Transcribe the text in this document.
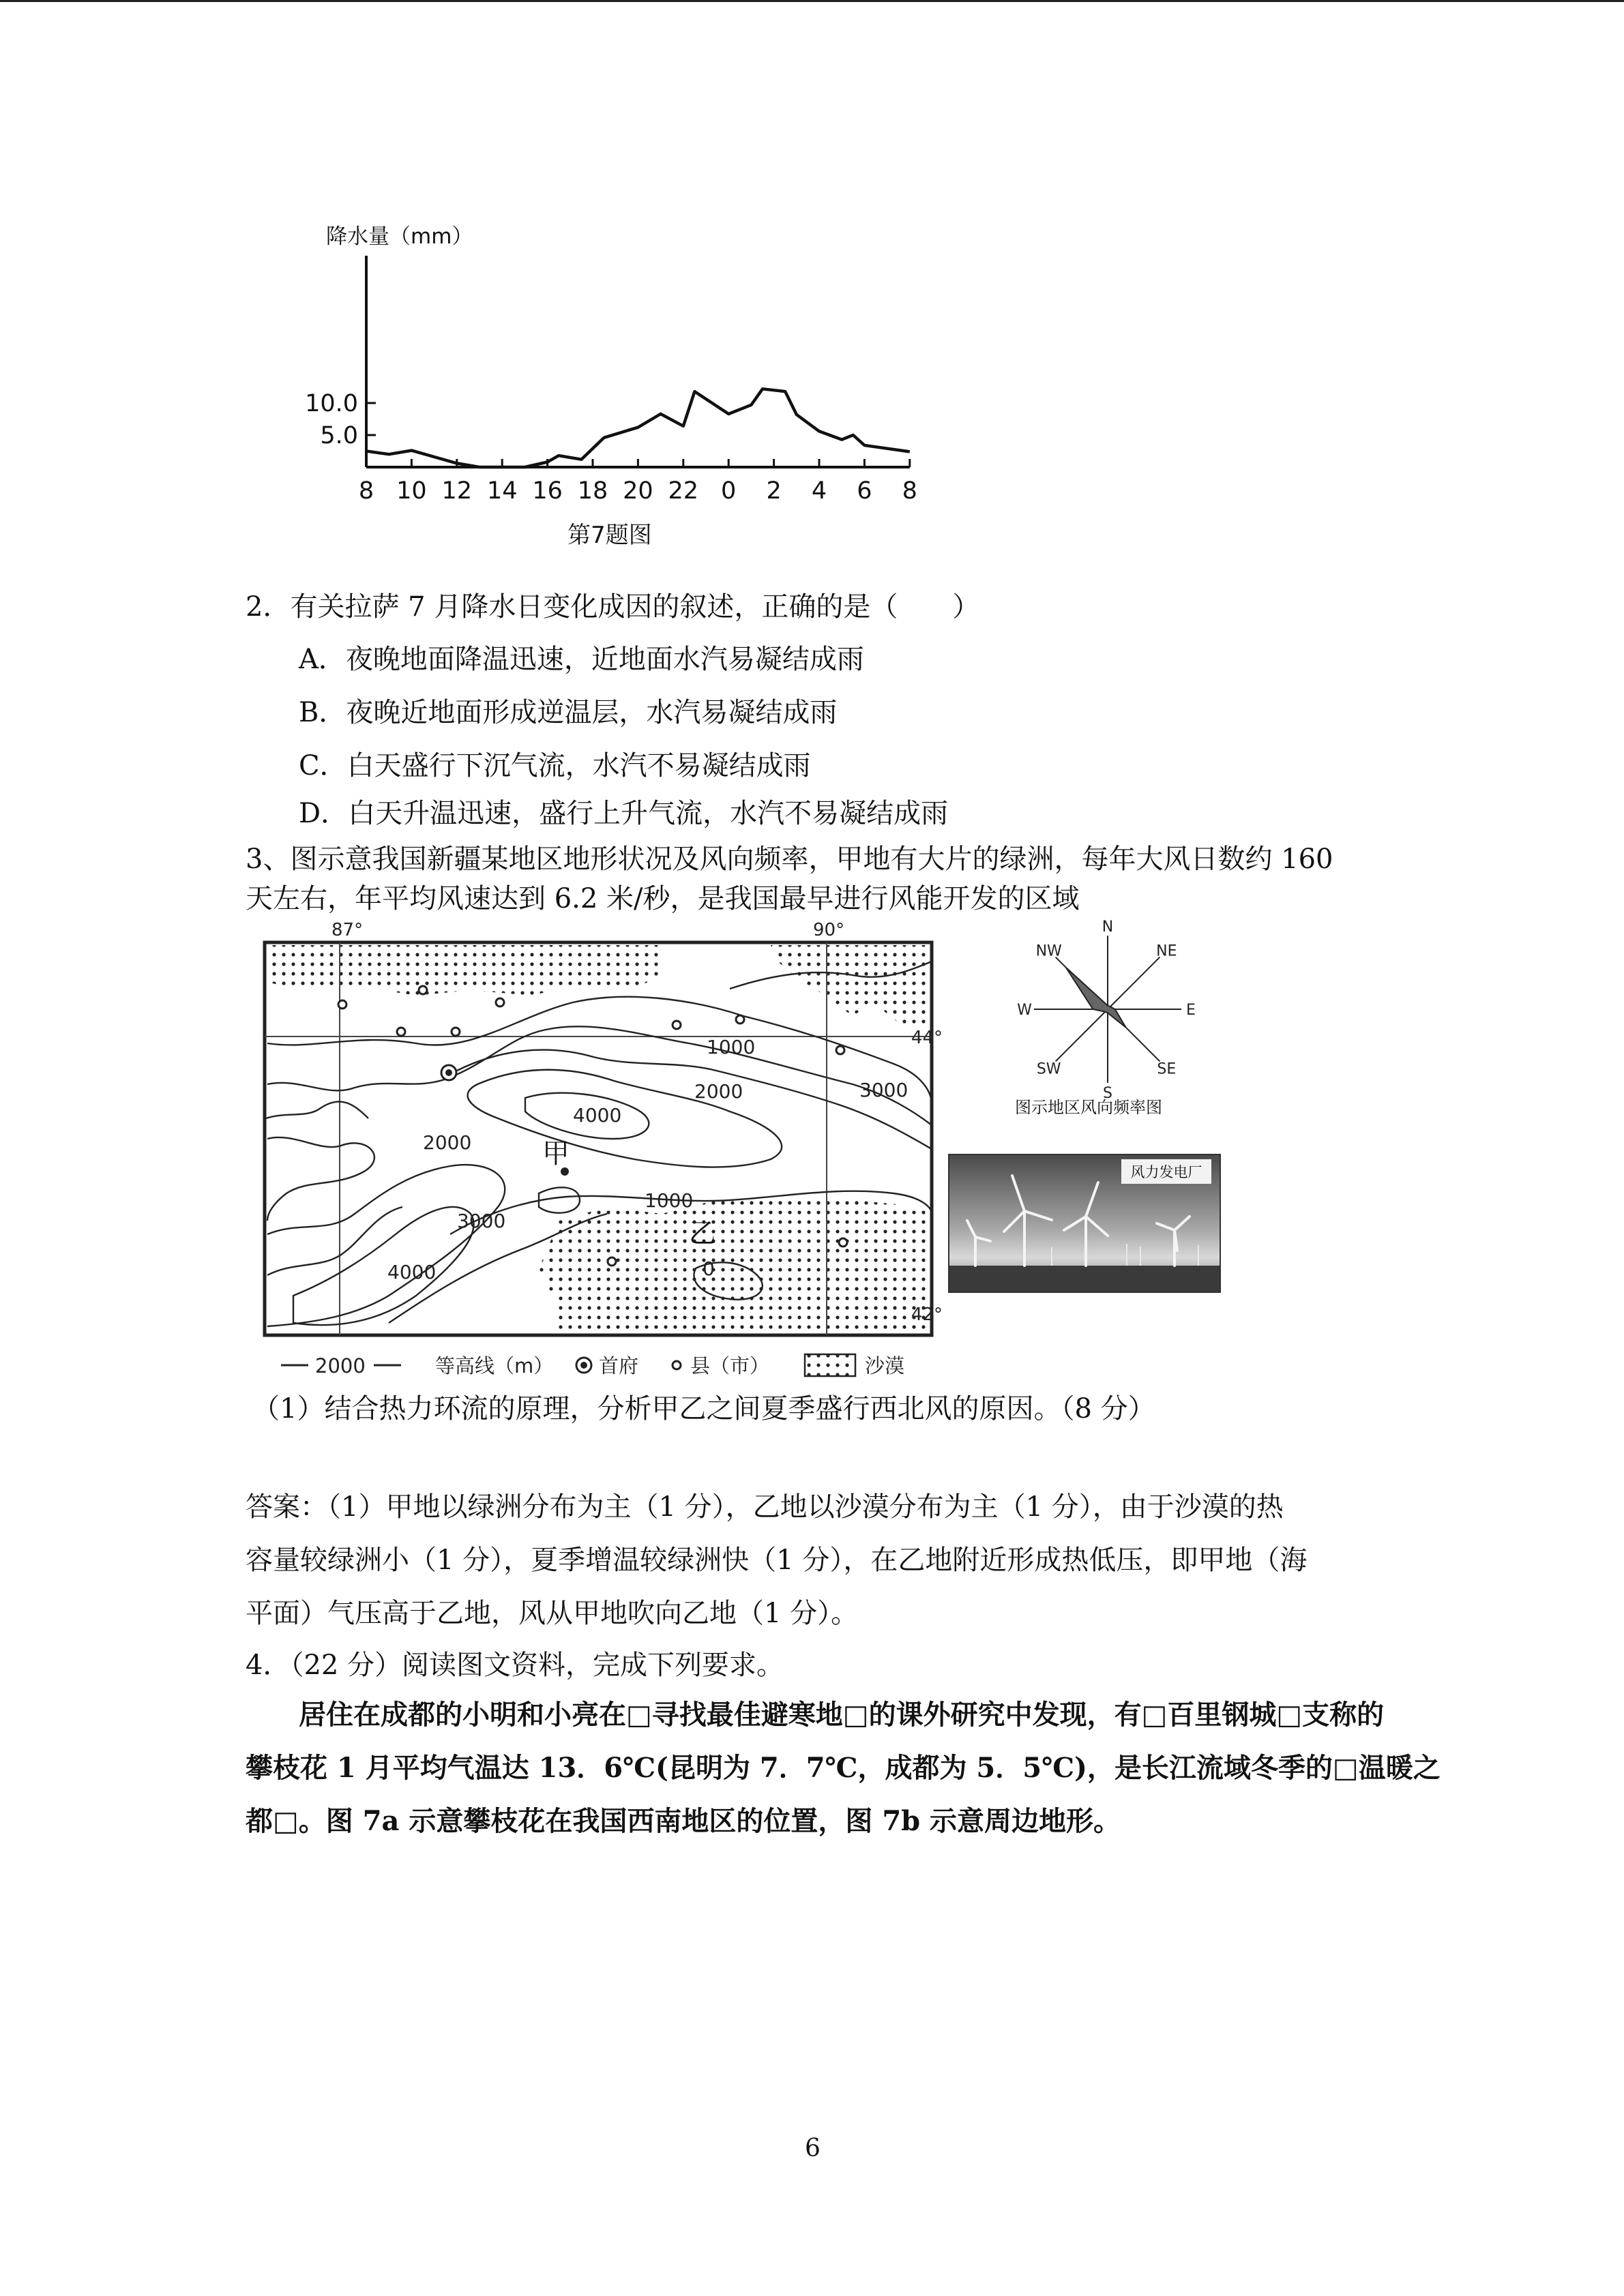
8 10 12 14 16 18 20 22 0 2 4 6 8
5.0
10.0
降水量（mm）
第7题图
2．有关拉萨 7 月降水日变化成因的叙述，正确的是（　　）
A．夜晚地面降温迅速，近地面水汽易凝结成雨
B．夜晚近地面形成逆温层，水汽易凝结成雨
C．白天盛行下沉气流，水汽不易凝结成雨
D．白天升温迅速，盛行上升气流，水汽不易凝结成雨
3、图示意我国新疆某地区地形状况及风向频率，甲地有大片的绿洲，每年大风日数约 160
天左右，年平均风速达到 6.2 米/秒，是我国最早进行风能开发的区域
1000
2000	3000
4000
2000
3000
4000
1000
0
87°	90°
44°
42°
甲
乙
2000	等高线（m） 首府	县（市）	沙漠
N
NE
E
SE
S
SW
W
NW
图示地区风向频率图
风力发电厂
（1）结合热力环流的原理，分析甲乙之间夏季盛行西北风的原因。（8 分）
答案：（1）甲地以绿洲分布为主（1 分），乙地以沙漠分布为主（1 分），由于沙漠的热
容量较绿洲小（1 分），夏季增温较绿洲快（1 分），在乙地附近形成热低压，即甲地（海
平面）气压高于乙地，风从甲地吹向乙地（1 分）。
4．（22 分）阅读图文资料，完成下列要求。
居住在成都的小明和小亮在□寻找最佳避寒地□的课外研究中发现，有□百里钢城□支称的
攀枝花 1 月平均气温达 13．6℃(昆明为 7．7℃，成都为 5．5℃)，是长江流域冬季的□温暖之
都□。图 7a 示意攀枝花在我国西南地区的位置，图 7b 示意周边地形。
6
